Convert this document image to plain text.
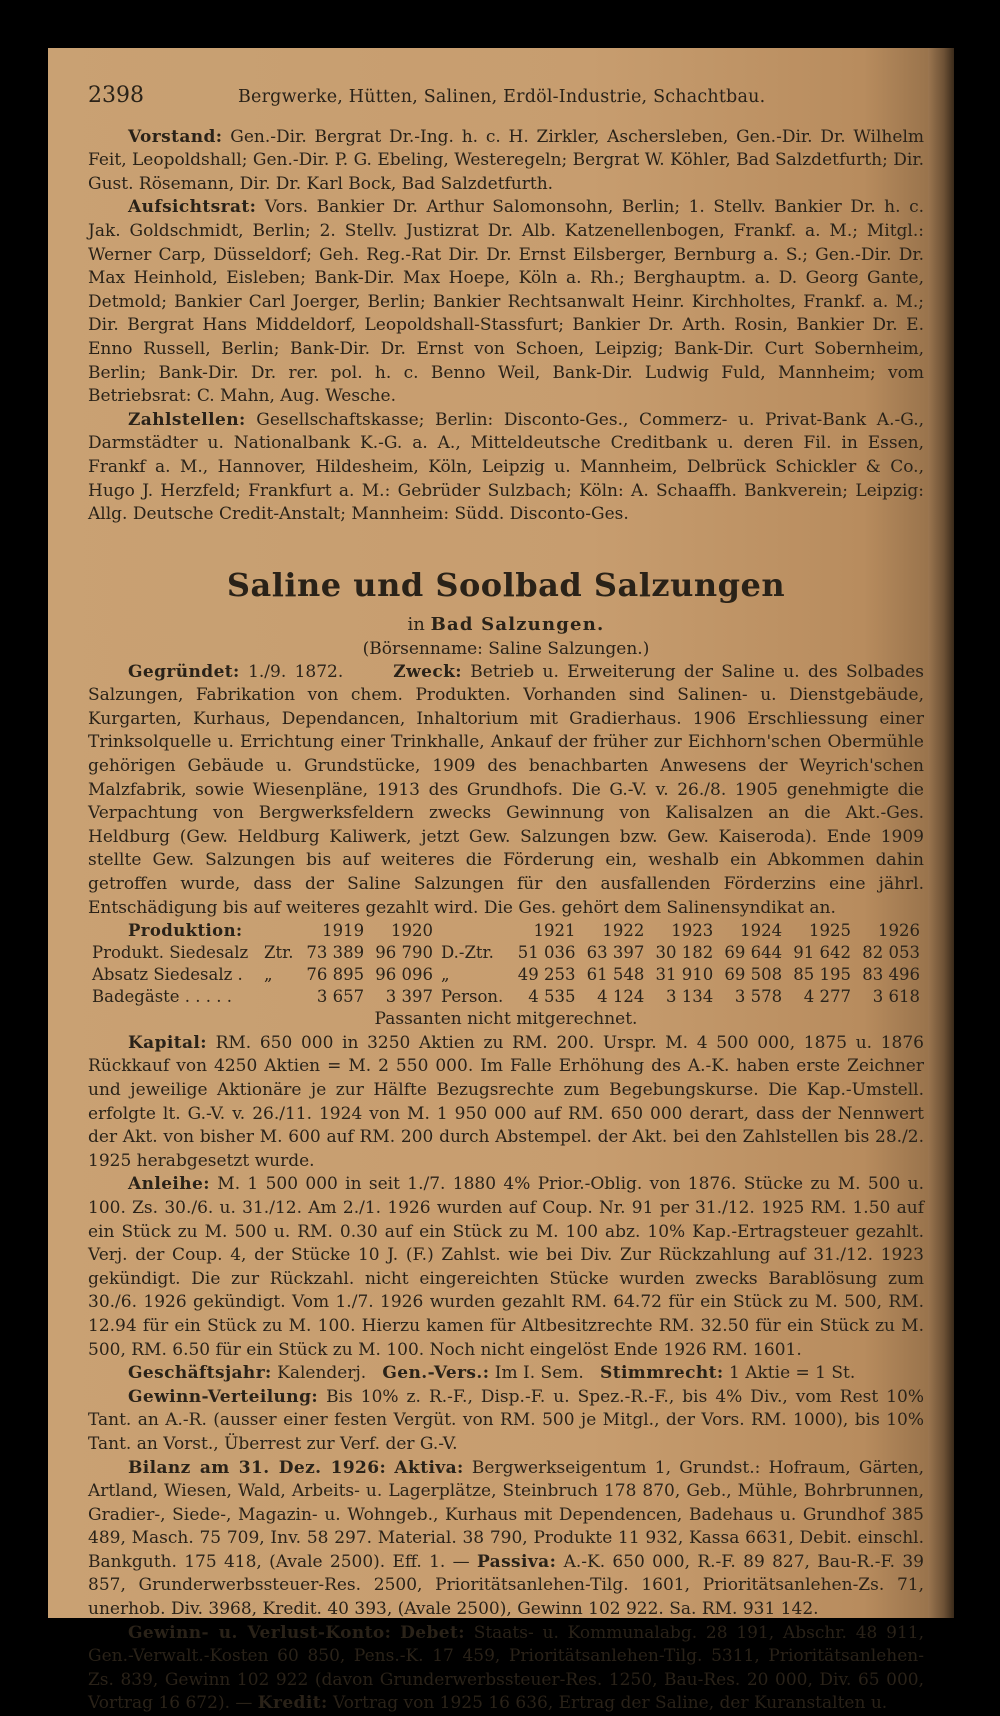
2398	Bergwerke, Hütten, Salinen, Erdöl-Industrie, Schachtbau.

Vorstand: Gen.-Dir. Bergrat Dr.-Ing. h. c. H. Zirkler, Aschersleben, Gen.-Dir. Dr. Wilhelm Feit, Leopoldshall; Gen.-Dir. P. G. Ebeling, Westeregeln; Bergrat W. Köhler, Bad Salzdetfurth; Dir. Gust. Rösemann, Dir. Dr. Karl Bock, Bad Salzdetfurth.

Aufsichtsrat: Vors. Bankier Dr. Arthur Salomonsohn, Berlin; 1. Stellv. Bankier Dr. h. c. Jak. Goldschmidt, Berlin; 2. Stellv. Justizrat Dr. Alb. Katzenellenbogen, Frankf. a. M.; Mitgl.: Werner Carp, Düsseldorf; Geh. Reg.-Rat Dir. Dr. Ernst Eilsberger, Bernburg a. S.; Gen.-Dir. Dr. Max Heinhold, Eisleben; Bank-Dir. Max Hoepe, Köln a. Rh.; Berghauptm. a. D. Georg Gante, Detmold; Bankier Carl Joerger, Berlin; Bankier Rechtsanwalt Heinr. Kirchholtes, Frankf. a. M.; Dir. Bergrat Hans Middeldorf, Leopoldshall-Stassfurt; Bankier Dr. Arth. Rosin, Bankier Dr. E. Enno Russell, Berlin; Bank-Dir. Dr. Ernst von Schoen, Leipzig; Bank-Dir. Curt Sobernheim, Berlin; Bank-Dir. Dr. rer. pol. h. c. Benno Weil, Bank-Dir. Ludwig Fuld, Mannheim; vom Betriebsrat: C. Mahn, Aug. Wesche.

Zahlstellen: Gesellschaftskasse; Berlin: Disconto-Ges., Commerz- u. Privat-Bank A.-G., Darmstädter u. Nationalbank K.-G. a. A., Mitteldeutsche Creditbank u. deren Fil. in Essen, Frankf a. M., Hannover, Hildesheim, Köln, Leipzig u. Mannheim, Delbrück Schickler & Co., Hugo J. Herzfeld; Frankfurt a. M.: Gebrüder Sulzbach; Köln: A. Schaaffh. Bankverein; Leipzig: Allg. Deutsche Credit-Anstalt; Mannheim: Südd. Disconto-Ges.

Saline und Soolbad Salzungen
in Bad Salzungen.
(Börsenname: Saline Salzungen.)

Gegründet: 1./9. 1872.	Zweck: Betrieb u. Erweiterung der Saline u. des Solbades Salzungen, Fabrikation von chem. Produkten. Vorhanden sind Salinen- u. Dienstgebäude, Kurgarten, Kurhaus, Dependancen, Inhaltorium mit Gradierhaus. 1906 Erschliessung einer Trinksolquelle u. Errichtung einer Trinkhalle, Ankauf der früher zur Eichhorn'schen Obermühle gehörigen Gebäude u. Grundstücke, 1909 des benachbarten Anwesens der Weyrich'schen Malzfabrik, sowie Wiesenpläne, 1913 des Grundhofs. Die G.-V. v. 26./8. 1905 genehmigte die Verpachtung von Bergwerksfeldern zwecks Gewinnung von Kalisalzen an die Akt.-Ges. Heldburg (Gew. Heldburg Kaliwerk, jetzt Gew. Salzungen bzw. Gew. Kaiseroda). Ende 1909 stellte Gew. Salzungen bis auf weiteres die Förderung ein, weshalb ein Abkommen dahin getroffen wurde, dass der Saline Salzungen für den ausfallenden Förderzins eine jährl. Entschädigung bis auf weiteres gezahlt wird. Die Ges. gehört dem Salinensyndikat an.

Produktion:		1919	1920		1921	1922	1923	1924	1925	1926
Produkt. Siedesalz	Ztr.	73 389	96 790	D.-Ztr.	51 036	63 397	30 182	69 644	91 642	82 053
Absatz Siedesalz .	„	76 895	96 096	„	49 253	61 548	31 910	69 508	85 195	83 496
Badegäste . . . . .		3 657	3 397	Person.	4 535	4 124	3 134	3 578	4 277	3 618

Passanten nicht mitgerechnet.

Kapital: RM. 650 000 in 3250 Aktien zu RM. 200. Urspr. M. 4 500 000, 1875 u. 1876 Rückkauf von 4250 Aktien = M. 2 550 000. Im Falle Erhöhung des A.-K. haben erste Zeichner und jeweilige Aktionäre je zur Hälfte Bezugsrechte zum Begebungskurse. Die Kap.-Umstell. erfolgte lt. G.-V. v. 26./11. 1924 von M. 1 950 000 auf RM. 650 000 derart, dass der Nennwert der Akt. von bisher M. 600 auf RM. 200 durch Abstempel. der Akt. bei den Zahlstellen bis 28./2. 1925 herabgesetzt wurde.

Anleihe: M. 1 500 000 in seit 1./7. 1880 4% Prior.-Oblig. von 1876. Stücke zu M. 500 u. 100. Zs. 30./6. u. 31./12. Am 2./1. 1926 wurden auf Coup. Nr. 91 per 31./12. 1925 RM. 1.50 auf ein Stück zu M. 500 u. RM. 0.30 auf ein Stück zu M. 100 abz. 10% Kap.-Ertragsteuer gezahlt. Verj. der Coup. 4, der Stücke 10 J. (F.) Zahlst. wie bei Div. Zur Rückzahlung auf 31./12. 1923 gekündigt. Die zur Rückzahl. nicht eingereichten Stücke wurden zwecks Barablösung zum 30./6. 1926 gekündigt. Vom 1./7. 1926 wurden gezahlt RM. 64.72 für ein Stück zu M. 500, RM. 12.94 für ein Stück zu M. 100. Hierzu kamen für Altbesitzrechte RM. 32.50 für ein Stück zu M. 500, RM. 6.50 für ein Stück zu M. 100. Noch nicht eingelöst Ende 1926 RM. 1601.

Geschäftsjahr: Kalenderj. Gen.-Vers.: Im I. Sem. Stimmrecht: 1 Aktie = 1 St.

Gewinn-Verteilung: Bis 10% z. R.-F., Disp.-F. u. Spez.-R.-F., bis 4% Div., vom Rest 10% Tant. an A.-R. (ausser einer festen Vergüt. von RM. 500 je Mitgl., der Vors. RM. 1000), bis 10% Tant. an Vorst., Überrest zur Verf. der G.-V.

Bilanz am 31. Dez. 1926: Aktiva: Bergwerkseigentum 1, Grundst.: Hofraum, Gärten, Artland, Wiesen, Wald, Arbeits- u. Lagerplätze, Steinbruch 178 870, Geb., Mühle, Bohrbrunnen, Gradier-, Siede-, Magazin- u. Wohngeb., Kurhaus mit Dependencen, Badehaus u. Grundhof 385 489, Masch. 75 709, Inv. 58 297. Material. 38 790, Produkte 11 932, Kassa 6631, Debit. einschl. Bankguth. 175 418, (Avale 2500). Eff. 1. — Passiva: A.-K. 650 000, R.-F. 89 827, Bau-R.-F. 39 857, Grunderwerbssteuer-Res. 2500, Prioritätsanlehen-Tilg. 1601, Prioritätsanlehen-Zs. 71, unerhob. Div. 3968, Kredit. 40 393, (Avale 2500), Gewinn 102 922. Sa. RM. 931 142.

Gewinn- u. Verlust-Konto: Debet: Staats- u. Kommunalabg. 28 191, Abschr. 48 911, Gen.-Verwalt.-Kosten 60 850, Pens.-K. 17 459, Prioritätsanlehen-Tilg. 5311, Prioritätsanlehen-Zs. 839, Gewinn 102 922 (davon Grunderwerbssteuer-Res. 1250, Bau-Res. 20 000, Div. 65 000, Vortrag 16 672). — Kredit: Vortrag von 1925 16 636, Ertrag der Saline, der Kuranstalten u.
